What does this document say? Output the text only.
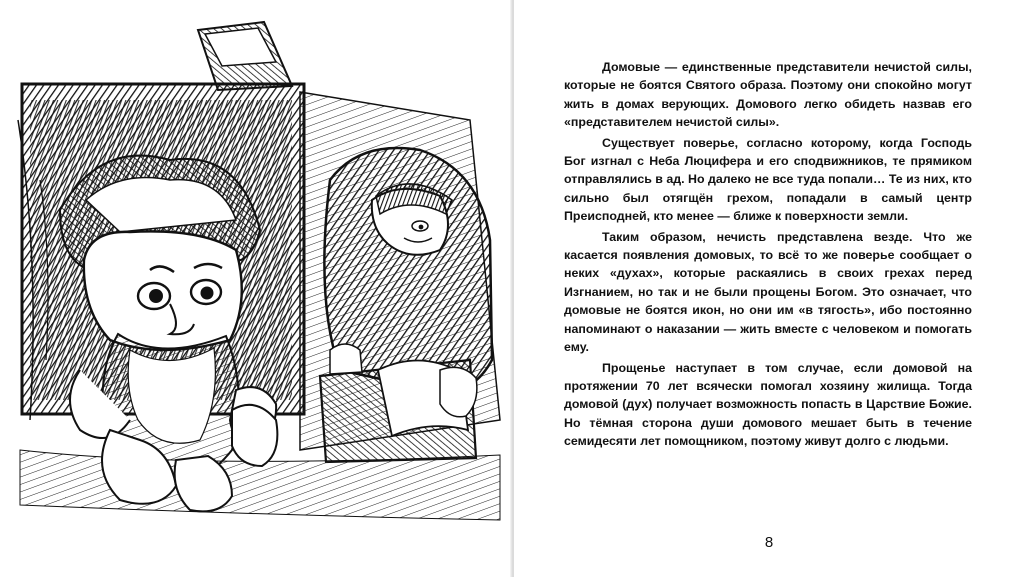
Домовые — единственные представители нечистой силы, которые не боятся Святого образа. Поэтому они спокойно могут жить в домах верующих. Домового легко обидеть назвав его «представителем нечистой силы».

Существует поверье, согласно которому, когда Господь Бог изгнал с Неба Люцифера и его сподвижников, те прямиком отправлялись в ад. Но далеко не все туда попали… Те из них, кто сильно был отягщён грехом, попадали в самый центр Преисподней, кто менее — ближе к поверхности земли.

Таким образом, нечисть представлена везде. Что же касается появления домовых, то всё то же поверье сообщает о неких «духах», которые раскаялись в своих грехах перед Изгнанием, но так и не были прощены Богом. Это означает, что домовые не боятся икон, но они им «в тягость», ибо постоянно напоминают о наказании — жить вместе с человеком и помогать ему.

Прощенье наступает в том случае, если домовой на протяжении 70 лет всячески помогал хозяину жилища. Тогда домовой (дух) получает возможность попасть в Царствие Божие. Но тёмная сторона души домового мешает быть в течение семидесяти лет помощником, поэтому живут долго с людьми.

8
